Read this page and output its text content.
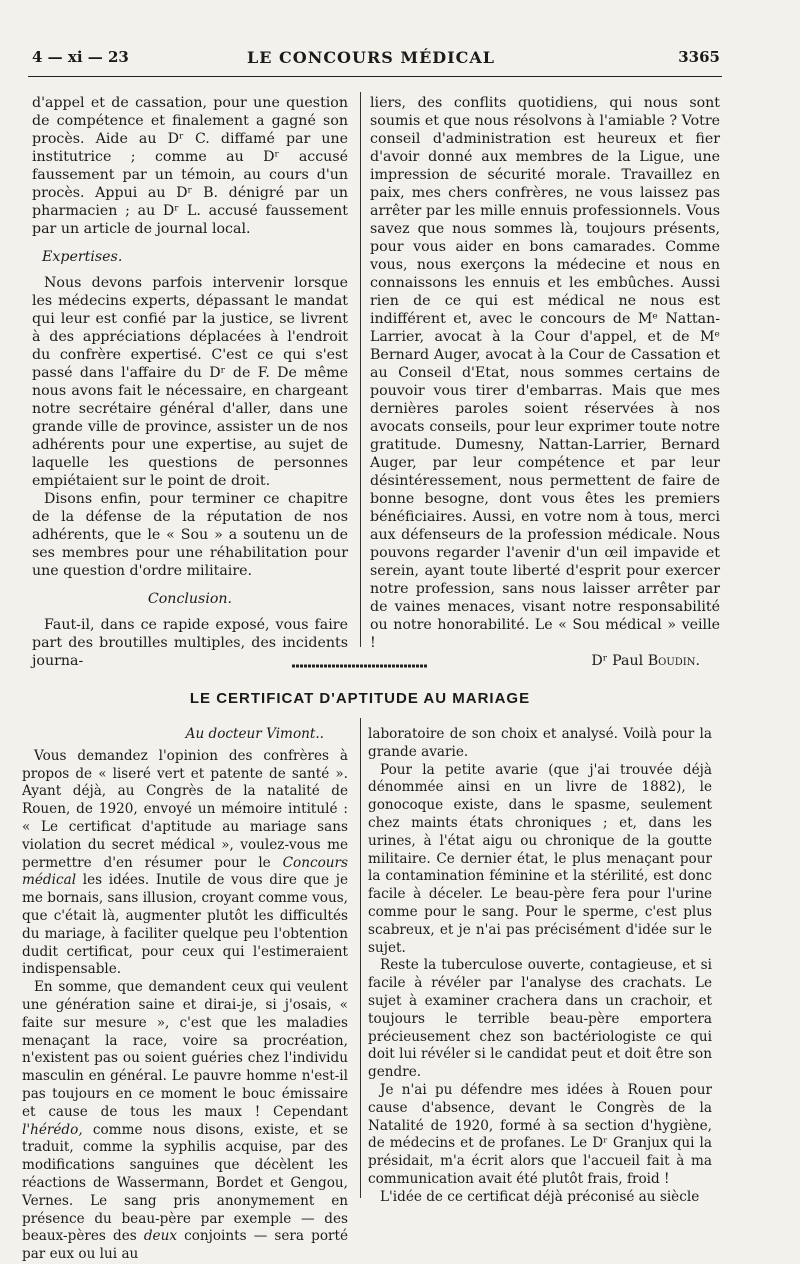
4 — xi — 23	LE CONCOURS MÉDICAL	3365

d'appel et de cassation, pour une question de compétence et finalement a gagné son procès. Aide au Dʳ C. diffamé par une institutrice ; comme au Dʳ accusé faussement par un témoin, au cours d'un procès. Appui au Dʳ B. dénigré par un pharmacien ; au Dʳ L. accusé faussement par un article de journal local.

Expertises.

Nous devons parfois intervenir lorsque les médecins experts, dépassant le mandat qui leur est confié par la justice, se livrent à des appréciations déplacées à l'endroit du confrère expertisé. C'est ce qui s'est passé dans l'affaire du Dʳ de F. De même nous avons fait le nécessaire, en chargeant notre secrétaire général d'aller, dans une grande ville de province, assister un de nos adhérents pour une expertise, au sujet de laquelle les questions de personnes empiétaient sur le point de droit.

Disons enfin, pour terminer ce chapitre de la défense de la réputation de nos adhérents, que le « Sou » a soutenu un de ses membres pour une réhabilitation pour une question d'ordre militaire.

Conclusion.

Faut-il, dans ce rapide exposé, vous faire part des broutilles multiples, des incidents journa-

liers, des conflits quotidiens, qui nous sont soumis et que nous résolvons à l'amiable ? Votre conseil d'administration est heureux et fier d'avoir donné aux membres de la Ligue, une impression de sécurité morale. Travaillez en paix, mes chers confrères, ne vous laissez pas arrêter par les mille ennuis professionnels. Vous savez que nous sommes là, toujours présents, pour vous aider en bons camarades. Comme vous, nous exerçons la médecine et nous en connaissons les ennuis et les embûches. Aussi rien de ce qui est médical ne nous est indifférent et, avec le concours de Mᵉ Nattan-Larrier, avocat à la Cour d'appel, et de Mᵉ Bernard Auger, avocat à la Cour de Cassation et au Conseil d'Etat, nous sommes certains de pouvoir vous tirer d'embarras. Mais que mes dernières paroles soient réservées à nos avocats conseils, pour leur exprimer toute notre gratitude. Dumesny, Nattan-Larrier, Bernard Auger, par leur compétence et par leur désintéressement, nous permettent de faire de bonne besogne, dont vous êtes les premiers bénéficiaires. Aussi, en votre nom à tous, merci aux défenseurs de la profession médicale. Nous pouvons regarder l'avenir d'un œil impavide et serein, ayant toute liberté d'esprit pour exercer notre profession, sans nous laisser arrêter par de vaines menaces, visant notre responsabilité ou notre honorabilité. Le « Sou médical » veille !

Dʳ Paul Boudin.
LE CERTIFICAT D'APTITUDE AU MARIAGE
Au docteur Vimont..

Vous demandez l'opinion des confrères à propos de « liseré vert et patente de santé ». Ayant déjà, au Congrès de la natalité de Rouen, de 1920, envoyé un mémoire intitulé : « Le certificat d'aptitude au mariage sans violation du secret médical », voulez-vous me permettre d'en résumer pour le Concours médical les idées. Inutile de vous dire que je me bornais, sans illusion, croyant comme vous, que c'était là, augmenter plutôt les difficultés du mariage, à faciliter quelque peu l'obtention dudit certificat, pour ceux qui l'estimeraient indispensable.

En somme, que demandent ceux qui veulent une génération saine et dirai-je, si j'osais, « faite sur mesure », c'est que les maladies menaçant la race, voire sa procréation, n'existent pas ou soient guéries chez l'individu masculin en général. Le pauvre homme n'est-il pas toujours en ce moment le bouc émissaire et cause de tous les maux ! Cependant l'hérédo, comme nous disons, existe, et se traduit, comme la syphilis acquise, par des modifications sanguines que décèlent les réactions de Wassermann, Bordet et Gengou, Vernes. Le sang pris anonymement en présence du beau-père par exemple — des beaux-pères des deux conjoints — sera porté par eux ou lui au

laboratoire de son choix et analysé. Voilà pour la grande avarie.

Pour la petite avarie (que j'ai trouvée déjà dénommée ainsi en un livre de 1882), le gonocoque existe, dans le spasme, seulement chez maints états chroniques ; et, dans les urines, à l'état aigu ou chronique de la goutte militaire. Ce dernier état, le plus menaçant pour la contamination féminine et la stérilité, est donc facile à déceler. Le beau-père fera pour l'urine comme pour le sang. Pour le sperme, c'est plus scabreux, et je n'ai pas précisément d'idée sur le sujet.

Reste la tuberculose ouverte, contagieuse, et si facile à révéler par l'analyse des crachats. Le sujet à examiner crachera dans un crachoir, et toujours le terrible beau-père emportera précieusement chez son bactériologiste ce qui doit lui révéler si le candidat peut et doit être son gendre.

Je n'ai pu défendre mes idées à Rouen pour cause d'absence, devant le Congrès de la Natalité de 1920, formé à sa section d'hygiène, de médecins et de profanes. Le Dʳ Granjux qui la présidait, m'a écrit alors que l'accueil fait à ma communication avait été plutôt frais, froid !

L'idée de ce certificat déjà préconisé au siècle
